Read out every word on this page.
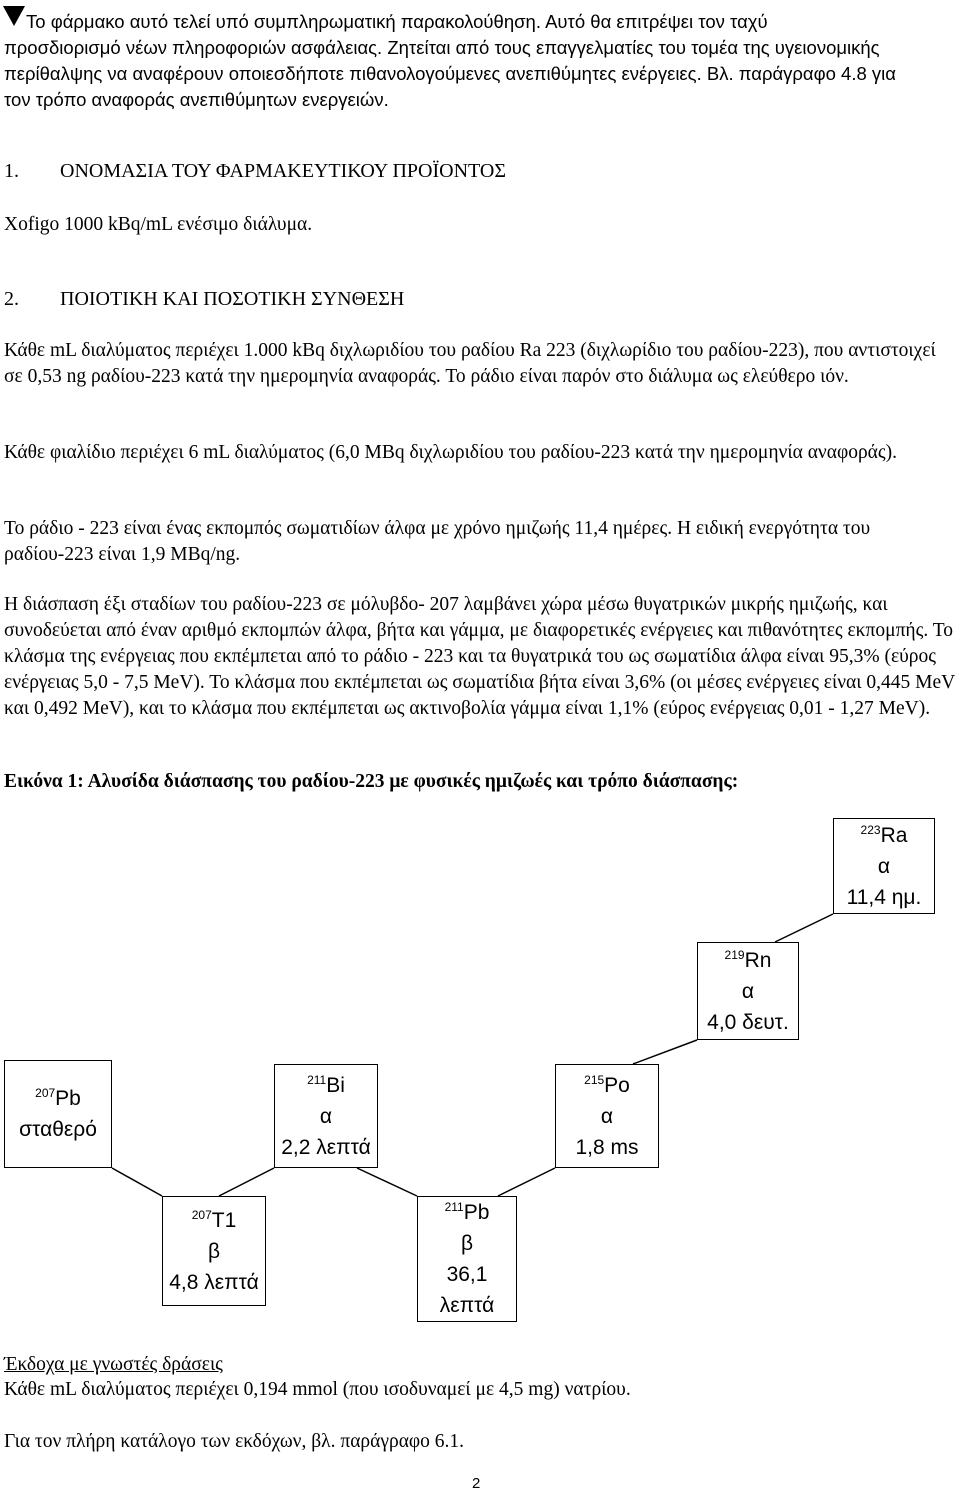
Το φάρμακο αυτό τελεί υπό συμπληρωματική παρακολούθηση. Αυτό θα επιτρέψει τον ταχύ
προσδιορισμό νέων πληροφοριών ασφάλειας. Ζητείται από τους επαγγελματίες του τομέα της υγειονομικής
περίθαλψης να αναφέρουν οποιεσδήποτε πιθανολογούμενες ανεπιθύμητες ενέργειες. Βλ. παράγραφο 4.8 για
τον τρόπο αναφοράς ανεπιθύμητων ενεργειών.
1. ΟΝΟΜΑΣΙΑ ΤΟΥ ΦΑΡΜΑΚΕΥΤΙΚΟΥ ΠΡΟΪΟΝΤΟΣ
Xofigo 1000 kBq/mL ενέσιμο διάλυμα.
2. ΠΟΙΟΤΙΚΗ ΚΑΙ ΠΟΣΟΤΙΚΗ ΣΥΝΘΕΣΗ
Κάθε mL διαλύματος περιέχει 1.000 kBq διχλωριδίου του ραδίου Ra 223 (διχλωρίδιο του ραδίου-223), που αντιστοιχεί σε 0,53 ng ραδίου-223 κατά την ημερομηνία αναφοράς. Το ράδιο είναι παρόν στο διάλυμα ως ελεύθερο ιόν.
Κάθε φιαλίδιο περιέχει 6 mL διαλύματος (6,0 MBq διχλωριδίου του ραδίου-223 κατά την ημερομηνία αναφοράς).
Το ράδιο - 223 είναι ένας εκπομπός σωματιδίων άλφα με χρόνο ημιζωής 11,4 ημέρες. Η ειδική ενεργότητα του ραδίου-223 είναι 1,9 MBq/ng.
Η διάσπαση έξι σταδίων του ραδίου-223 σε μόλυβδο- 207 λαμβάνει χώρα μέσω θυγατρικών μικρής ημιζωής, και συνοδεύεται από έναν αριθμό εκπομπών άλφα, βήτα και γάμμα, με διαφορετικές ενέργειες και πιθανότητες εκπομπής. Το κλάσμα της ενέργειας που εκπέμπεται από το ράδιο - 223 και τα θυγατρικά του ως σωματίδια άλφα είναι 95,3% (εύρος ενέργειας 5,0 - 7,5 MeV). Το κλάσμα που εκπέμπεται ως σωματίδια βήτα είναι 3,6% (οι μέσες ενέργειες είναι 0,445 MeV και 0,492 MeV), και το κλάσμα που εκπέμπεται ως ακτινοβολία γάμμα είναι 1,1% (εύρος ενέργειας 0,01 - 1,27 MeV).
Εικόνα 1: Αλυσίδα διάσπασης του ραδίου-223 με φυσικές ημιζωές και τρόπο διάσπασης:
$^{223}$Ra
α
11,4 ημ.
$^{219}$Rn
α
4,0 δευτ.
$^{215}$Po
α
1,8 ms
$^{211}$Bi
α
2,2 λεπτά
$^{207}$Pb
σταθερό
$^{207}$T1
β
4,8 λεπτά
$^{211}$Pb
β
36,1
λεπτά
Έκδοχα με γνωστές δράσεις
Κάθε mL διαλύματος περιέχει 0,194 mmol (που ισοδυναμεί με 4,5 mg) νατρίου.
Για τον πλήρη κατάλογο των εκδόχων, βλ. παράγραφο 6.1.
2
